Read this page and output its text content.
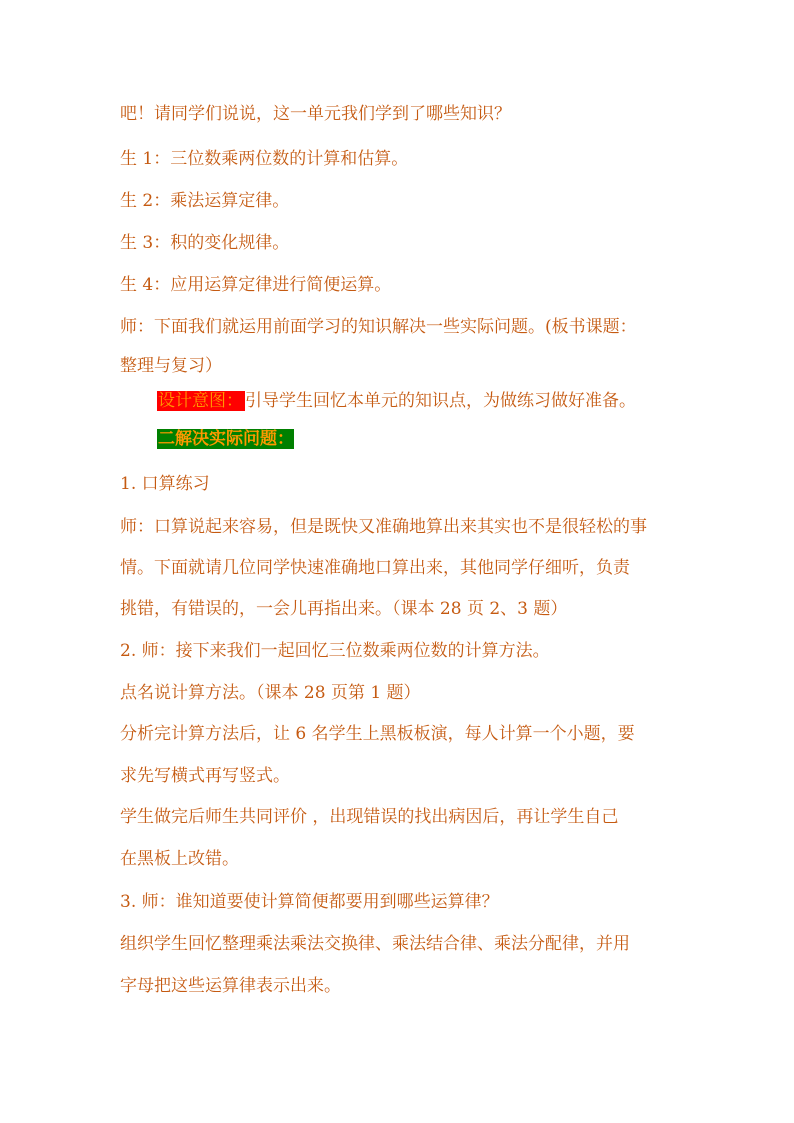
吧！请同学们说说，这一单元我们学到了哪些知识？
生 1：三位数乘两位数的计算和估算。
生 2：乘法运算定律。
生 3：积的变化规律。
生 4：应用运算定律进行简便运算。
师：下面我们就运用前面学习的知识解决一些实际问题。(板书课题：
整理与复习）
设计意图： 引导学生回忆本单元的知识点，为做练习做好准备。
二解决实际问题：
1. 口算练习
师：口算说起来容易，但是既快又准确地算出来其实也不是很轻松的事
情。下面就请几位同学快速准确地口算出来，其他同学仔细听，负责
挑错，有错误的，一会儿再指出来。（课本 28 页 2、3 题）
2. 师：接下来我们一起回忆三位数乘两位数的计算方法。
点名说计算方法。（课本 28 页第 1 题）
分析完计算方法后，让 6 名学生上黑板板演，每人计算一个小题，要
求先写横式再写竖式。
学生做完后师生共同评价 ，出现错误的找出病因后，再让学生自己
在黑板上改错。
3. 师：谁知道要使计算简便都要用到哪些运算律？
组织学生回忆整理乘法乘法交换律、乘法结合律、乘法分配律，并用
字母把这些运算律表示出来。
